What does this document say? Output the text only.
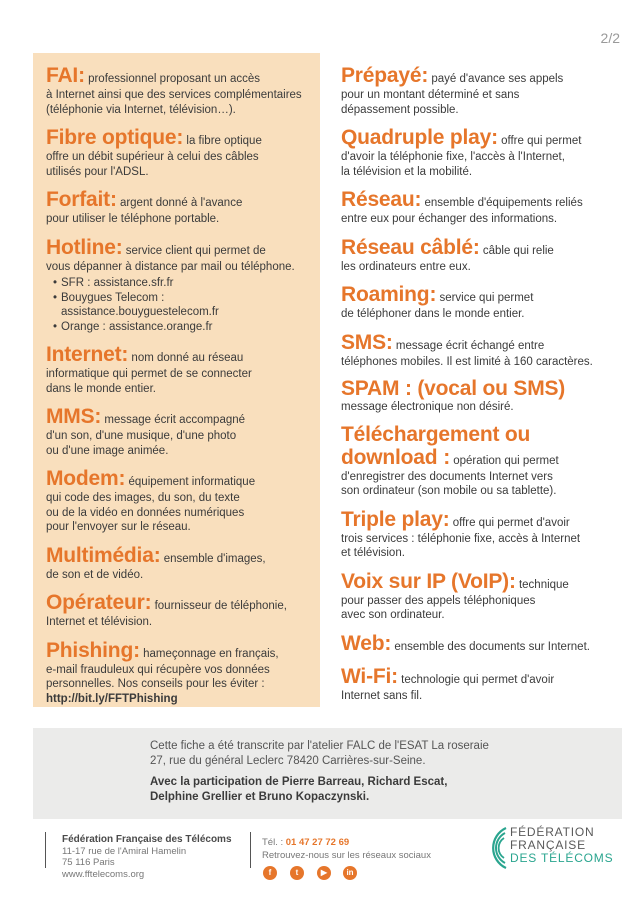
2/2
FAI: professionnel proposant un accès
à Internet ainsi que des services complémentaires
(téléphonie via Internet, télévision…).
Fibre optique: la fibre optique
offre un débit supérieur à celui des câbles
utilisés pour l'ADSL.
Forfait: argent donné à l'avance
pour utiliser le téléphone portable.
Hotline: service client qui permet de
vous dépanner à distance par mail ou téléphone.
• SFR : assistance.sfr.fr
• Bouygues Telecom :
assistance.bouyguestelecom.fr
• Orange : assistance.orange.fr
Internet: nom donné au réseau
informatique qui permet de se connecter
dans le monde entier.
MMS: message écrit accompagné
d'un son, d'une musique, d'une photo
ou d'une image animée.
Modem: équipement informatique
qui code des images, du son, du texte
ou de la vidéo en données numériques
pour l'envoyer sur le réseau.
Multimédia: ensemble d'images,
de son et de vidéo.
Opérateur: fournisseur de téléphonie,
Internet et télévision.
Phishing: hameçonnage en français,
e-mail frauduleux qui récupère vos données
personnelles. Nos conseils pour les éviter :
http://bit.ly/FFTPhishing
Prépayé: payé d'avance ses appels
pour un montant déterminé et sans
dépassement possible.
Quadruple play: offre qui permet
d'avoir la téléphonie fixe, l'accès à l'Internet,
la télévision et la mobilité.
Réseau: ensemble d'équipements reliés
entre eux pour échanger des informations.
Réseau câblé: câble qui relie
les ordinateurs entre eux.
Roaming: service qui permet
de téléphoner dans le monde entier.
SMS: message écrit échangé entre
téléphones mobiles. Il est limité à 160 caractères.
SPAM : (vocal ou SMS)
message électronique non désiré.
Téléchargement ou
download : opération qui permet
d'enregistrer des documents Internet vers
son ordinateur (son mobile ou sa tablette).
Triple play: offre qui permet d'avoir
trois services : téléphonie fixe, accès à Internet
et télévision.
Voix sur IP (VoIP): technique
pour passer des appels téléphoniques
avec son ordinateur.
Web: ensemble des documents sur Internet.
Wi-Fi: technologie qui permet d'avoir
Internet sans fil.
Cette fiche a été transcrite par l'atelier FALC de l'ESAT La roseraie
27, rue du général Leclerc 78420 Carrières-sur-Seine.
Avec la participation de Pierre Barreau, Richard Escat,
Delphine Grellier et Bruno Kopaczynski.
Fédération Française des Télécoms
11-17 rue de l'Amiral Hamelin
75 116 Paris
www.fftelecoms.org
Tél. : 01 47 27 72 69
Retrouvez-nous sur les réseaux sociaux
f	t	▶	in
FÉDÉRATION
FRANÇAISE
DES TÉLÉCOMS
